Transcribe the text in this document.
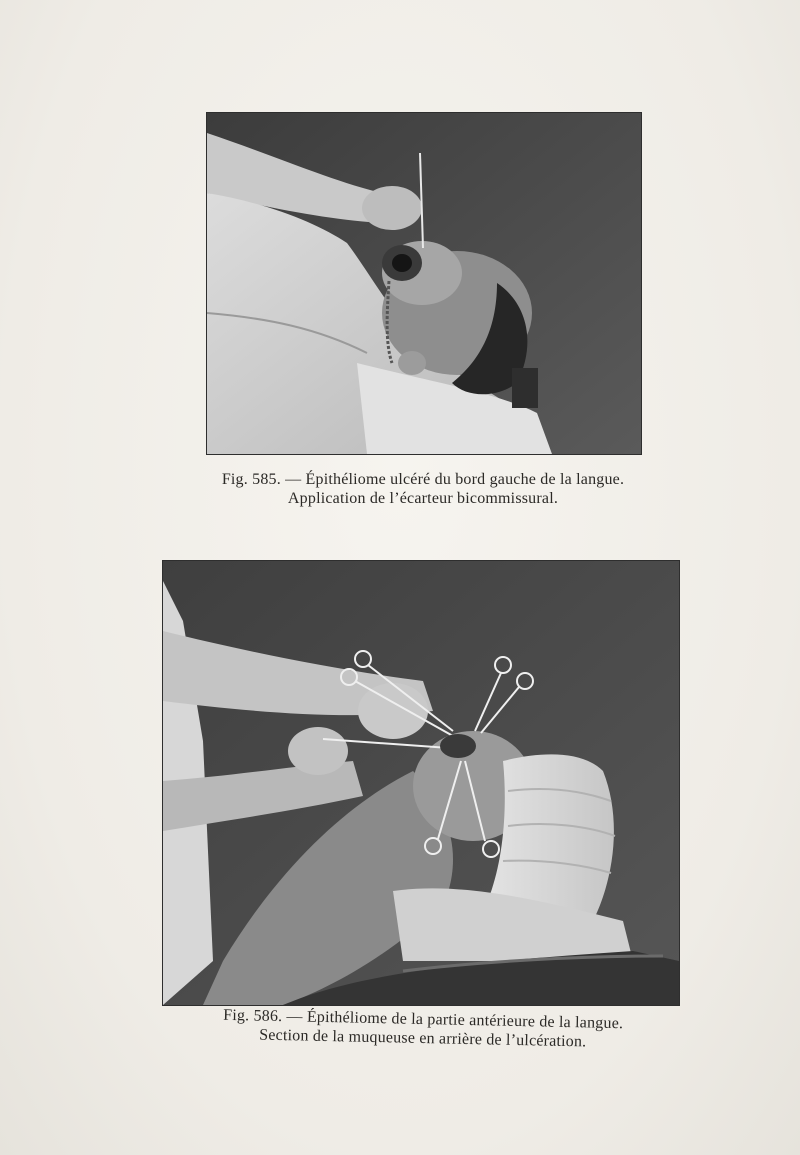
Fig. 585. — Épithéliome ulcéré du bord gauche de la langue.
Application de l’écarteur bicommissural.
Fig. 586. — Épithéliome de la partie antérieure de la langue.
Section de la muqueuse en arrière de l’ulcération.
